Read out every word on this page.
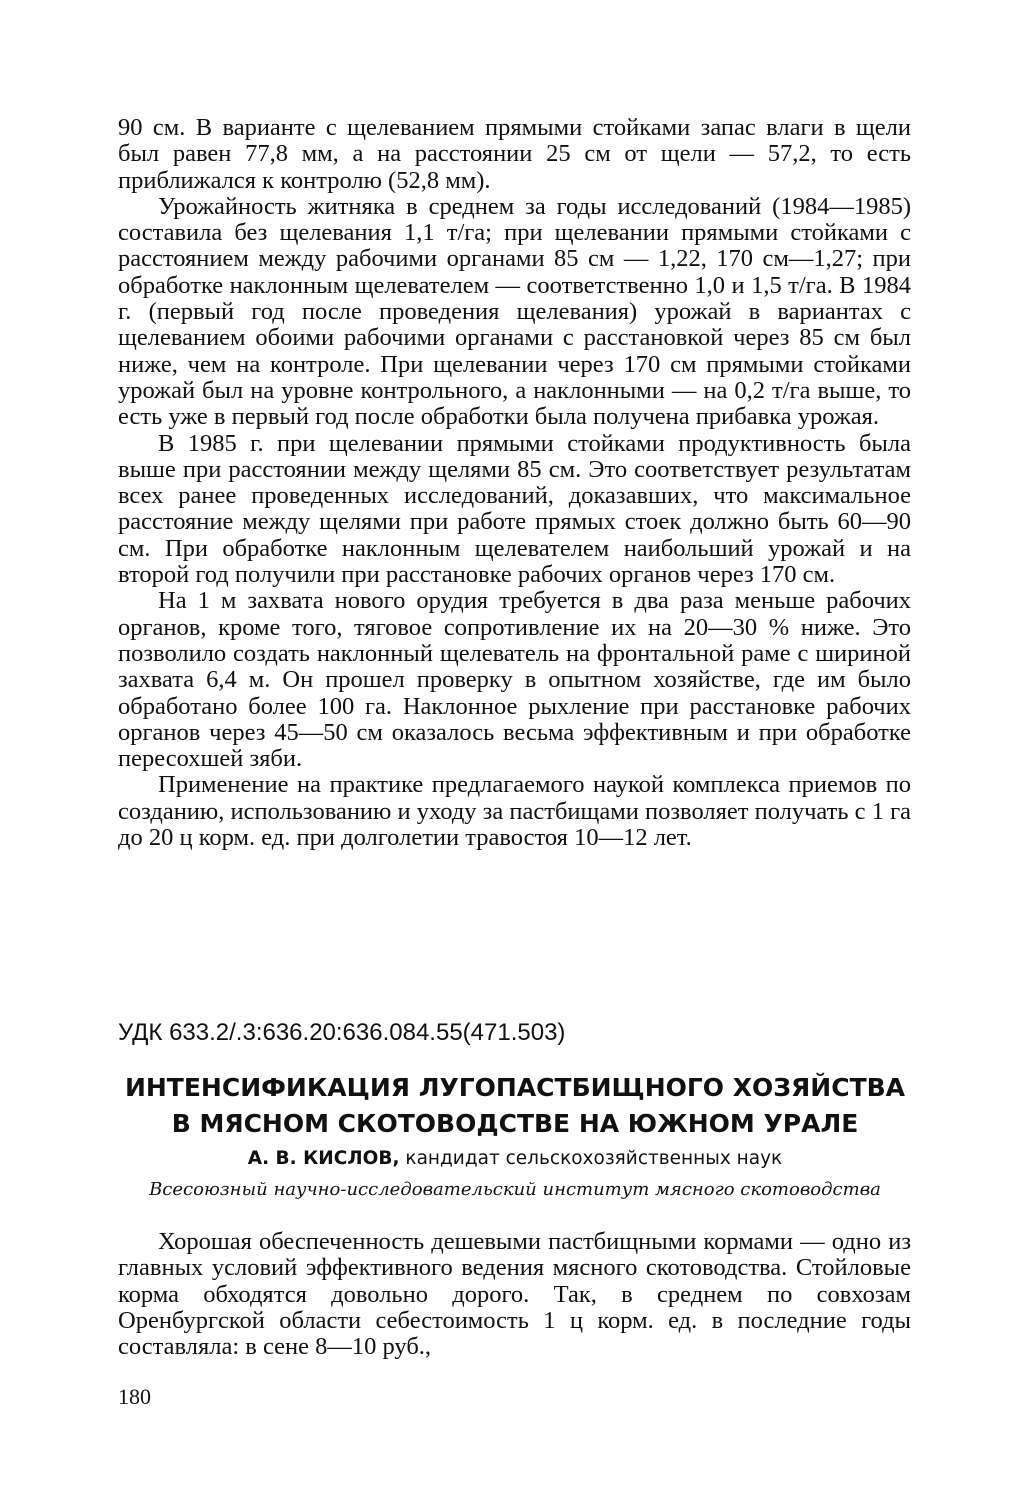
90 см. В варианте с щелеванием прямыми стойками запас влаги в щели был равен 77,8 мм, а на расстоянии 25 см от щели — 57,2, то есть приближался к контролю (52,8 мм).

Урожайность житняка в среднем за годы исследований (1984—1985) составила без щелевания 1,1 т/га; при щелевании прямыми стойками с расстоянием между рабочими органами 85 см — 1,22, 170 см—1,27; при обработке наклонным щелевателем — соответственно 1,0 и 1,5 т/га. В 1984 г. (первый год после проведения щелевания) урожай в вариантах с щелеванием обоими рабочими органами с расстановкой через 85 см был ниже, чем на контроле. При щелевании через 170 см прямыми стойками урожай был на уровне контрольного, а наклонными — на 0,2 т/га выше, то есть уже в первый год после обработки была получена прибавка урожая.

В 1985 г. при щелевании прямыми стойками продуктивность была выше при расстоянии между щелями 85 см. Это соответствует результатам всех ранее проведенных исследований, доказавших, что максимальное расстояние между щелями при работе прямых стоек должно быть 60—90 см. При обработке наклонным щелевателем наибольший урожай и на второй год получили при расстановке рабочих органов через 170 см.

На 1 м захвата нового орудия требуется в два раза меньше рабочих органов, кроме того, тяговое сопротивление их на 20—30 % ниже. Это позволило создать наклонный щелеватель на фронтальной раме с шириной захвата 6,4 м. Он прошел проверку в опытном хозяйстве, где им было обработано более 100 га. Наклонное рыхление при расстановке рабочих органов через 45—50 см оказалось весьма эффективным и при обработке пересохшей зяби.

Применение на практике предлагаемого наукой комплекса приемов по созданию, использованию и уходу за пастбищами позволяет получать с 1 га до 20 ц корм. ед. при долголетии травостоя 10—12 лет.

УДК 633.2/.3:636.20:636.084.55(471.503)
ИНТЕНСИФИКАЦИЯ ЛУГОПАСТБИЩНОГО ХОЗЯЙСТВА
В МЯСНОМ СКОТОВОДСТВЕ НА ЮЖНОМ УРАЛЕ
А. В. КИСЛОВ, кандидат сельскохозяйственных наук
Всесоюзный научно-исследовательский институт мясного скотоводства

Хорошая обеспеченность дешевыми пастбищными кормами — одно из главных условий эффективного ведения мясного скотоводства. Стойловые корма обходятся довольно дорого. Так, в среднем по совхозам Оренбургской области себестоимость 1 ц корм. ед. в последние годы составляла: в сене 8—10 руб.,

180
